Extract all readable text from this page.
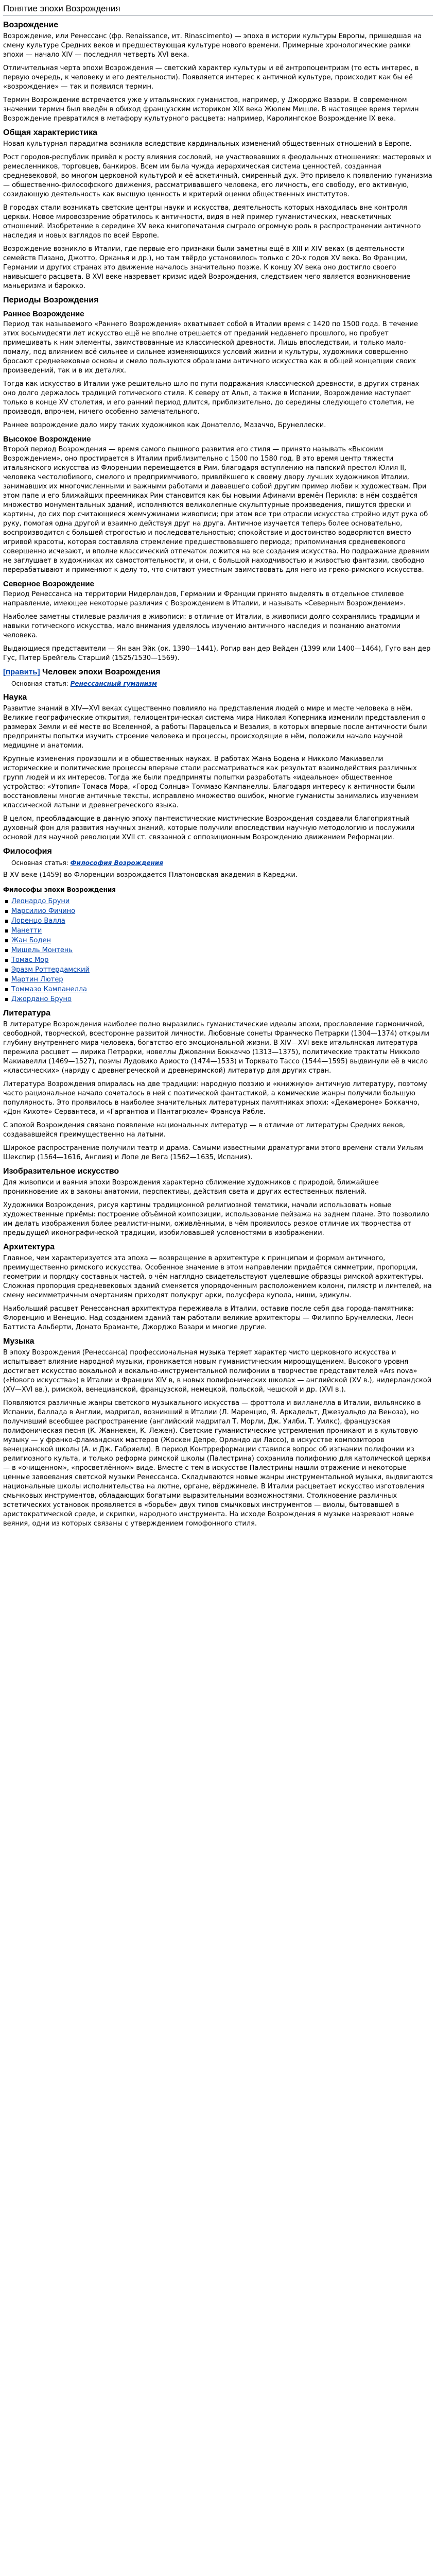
Понятие эпохи Возрождения
Возрождение

Возрождение, или Ренессанс (фр. Renaissance, ит. Rinascimento) — эпоха в истории культуры Европы, пришедшая на смену культуре Средних веков и предшествующая культуре нового времени. Примерные хронологические рамки эпохи — начало XIV — последняя четверть XVI века.

Отличительная черта эпохи Возрождения — светский характер культуры и её антропоцентризм (то есть интерес, в первую очередь, к человеку и его деятельности). Появляется интерес к античной культуре, происходит как бы её «возрождение» — так и появился термин.

Термин Возрождение встречается уже у итальянских гуманистов, например, у Джорджо Вазари. В современном значении термин был введён в обиход французским историком XIX века Жюлем Мишле. В настоящее время термин Возрождение превратился в метафору культурного расцвета: например, Каролингское Возрождение IX века.

Общая характеристика

Новая культурная парадигма возникла вследствие кардинальных изменений общественных отношений в Европе.

Рост городов-республик привёл к росту влияния сословий, не участвовавших в феодальных отношениях: мастеровых и ремесленников, торговцев, банкиров. Всем им была чужда иерархическая система ценностей, созданная средневековой, во многом церковной культурой и её аскетичный, смиренный дух. Это привело к появлению гуманизма — общественно-философского движения, рассматривавшего человека, его личность, его свободу, его активную, созидающую деятельность как высшую ценность и критерий оценки общественных институтов.

В городах стали возникать светские центры науки и искусства, деятельность которых находилась вне контроля церкви. Новое мировоззрение обратилось к античности, видя в ней пример гуманистических, неаскетичных отношений. Изобретение в середине XV века книгопечатания сыграло огромную роль в распространении античного наследия и новых взглядов по всей Европе.

Возрождение возникло в Италии, где первые его признаки были заметны ещё в XIII и XIV веках (в деятельности семейств Пизано, Джотто, Орканья и др.), но там твёрдо установилось только с 20-х годов XV века. Во Франции, Германии и других странах это движение началось значительно позже. К концу XV века оно достигло своего наивысшего расцвета. В XVI веке назревает кризис идей Возрождения, следствием чего является возникновение маньеризма и барокко.

Периоды Возрождения
Раннее Возрождение

Период так называемого «Раннего Возрождения» охватывает собой в Италии время с 1420 по 1500 года. В течение этих восьмидесяти лет искусство ещё не вполне отрешается от преданий недавнего прошлого, но пробует примешивать к ним элементы, заимствованные из классической древности. Лишь впоследствии, и только мало-помалу, под влиянием всё сильнее и сильнее изменяющихся условий жизни и культуры, художники совершенно бросают средневековые основы и смело пользуются образцами античного искусства как в общей концепции своих произведений, так и в их деталях.

Тогда как искусство в Италии уже решительно шло по пути подражания классической древности, в других странах оно долго держалось традиций готического стиля. К северу от Альп, а также в Испании, Возрождение наступает только в конце XV столетия, и его ранний период длится, приблизительно, до середины следующего столетия, не производя, впрочем, ничего особенно замечательного.

Раннее возрождение дало миру таких художников как Донателло, Мазаччо, Брунеллески.

Высокое Возрождение

Второй период Возрождения — время самого пышного развития его стиля — принято называть «Высоким Возрождением», оно простирается в Италии приблизительно с 1500 по 1580 год. В это время центр тяжести итальянского искусства из Флоренции перемещается в Рим, благодаря вступлению на папский престол Юлия II, человека честолюбивого, смелого и предприимчивого, привлёкшего к своему двору лучших художников Италии, занимавших их многочисленными и важными работами и дававшего собой другим пример любви к художествам. При этом папе и его ближайших преемниках Рим становится как бы новыми Афинами времён Перикла: в нём создаётся множество монументальных зданий, исполняются великолепные скульптурные произведения, пишутся фрески и картины, до сих пор считающиеся жемчужинами живописи; при этом все три отрасли искусства стройно идут рука об руку, помогая одна другой и взаимно действуя друг на друга. Античное изучается теперь более основательно, воспроизводится с большей строгостью и последовательностью; спокойствие и достоинство водворяются вместо игривой красоты, которая составляла стремление предшествовавшего периода; припоминания средневекового совершенно исчезают, и вполне классический отпечаток ложится на все создания искусства. Но подражание древним не заглушает в художниках их самостоятельности, и они, с большой находчивостью и живостью фантазии, свободно перерабатывают и применяют к делу то, что считают уместным заимствовать для него из греко-римского искусства.

Северное Возрождение

Период Ренессанса на территории Нидерландов, Германии и Франции принято выделять в отдельное стилевое направление, имеющее некоторые различия с Возрождением в Италии, и называть «Северным Возрождением».

Наиболее заметны стилевые различия в живописи: в отличие от Италии, в живописи долго сохранялись традиции и навыки готического искусства, мало внимания уделялось изучению античного наследия и познанию анатомии человека.

Выдающиеся представители — Ян ван Эйк (ок. 1390—1441), Рогир ван дер Вейден (1399 или 1400—1464), Гуго ван дер Гус, Питер Брейгель Старший (1525/1530—1569).

[править] Человек эпохи Возрождения
Основная статья: Ренессансный гуманизм
Наука

Развитие знаний в XIV—XVI веках существенно повлияло на представления людей о мире и месте человека в нём. Великие географические открытия, гелиоцентрическая система мира Николая Коперника изменили представления о размерах Земли и её месте во Вселенной, а работы Парацельса и Везалия, в которых впервые после античности были предприняты попытки изучить строение человека и процессы, происходящие в нём, положили начало научной медицине и анатомии.

Крупные изменения произошли и в общественных науках. В работах Жана Бодена и Никколо Макиавелли исторические и политические процессы впервые стали рассматриваться как результат взаимодействия различных групп людей и их интересов. Тогда же были предприняты попытки разработать «идеальное» общественное устройство: «Утопия» Томаса Мора, «Город Солнца» Томмазо Кампанеллы. Благодаря интересу к античности были восстановлены многие античные тексты, исправлено множество ошибок, многие гуманисты занимались изучением классической латыни и древнегреческого языка.

В целом, преобладающие в данную эпоху пантеистические мистические Возрождения создавали благоприятный духовный фон для развития научных знаний, которые получили впоследствии научную методологию и послужили основой для научной революции XVII ст. связанной с оппозиционным Возрождению движением Реформации.

Философия
Основная статья: Философия Возрождения

В XV веке (1459) во Флоренции возрождается Платоновская академия в Кареджи.

Философы эпохи Возрождения

Леонардо Бруни
Марсилио Фичино
Лоренцо Валла
Манетти
Жан Боден
Мишель Монтень
Томас Мор
Эразм Роттердамский
Мартин Лютер
Томмазо Кампанелла
Джордано Бруно
Литература

В литературе Возрождения наиболее полно выразились гуманистические идеалы эпохи, прославление гармоничной, свободной, творческой, всесторонне развитой личности. Любовные сонеты Франческо Петрарки (1304—1374) открыли глубину внутреннего мира человека, богатство его эмоциональной жизни. В XIV—XVI веке итальянская литература пережила расцвет — лирика Петрарки, новеллы Джованни Боккаччо (1313—1375), политические трактаты Никколо Макиавелли (1469—1527), поэмы Лудовико Ариосто (1474—1533) и Торквато Тассо (1544—1595) выдвинули её в число «классических» (наряду с древнегреческой и древнеримской) литератур для других стран.

Литература Возрождения опиралась на две традиции: народную поэзию и «книжную» античную литературу, поэтому часто рациональное начало сочеталось в ней с поэтической фантастикой, а комические жанры получили большую популярность. Это проявилось в наиболее значительных литературных памятниках эпохи: «Декамероне» Боккаччо, «Дон Кихоте» Сервантеса, и «Гаргантюа и Пантагрюэле» Франсуа Рабле.

С эпохой Возрождения связано появление национальных литератур — в отличие от литературы Средних веков, создававшейся преимущественно на латыни.

Широкое распространение получили театр и драма. Самыми известными драматургами этого времени стали Уильям Шекспир (1564—1616, Англия) и Лопе де Вега (1562—1635, Испания).

Изобразительное искусство

Для живописи и ваяния эпохи Возрождения характерно сближение художников с природой, ближайшее проникновение их в законы анатомии, перспективы, действия света и других естественных явлений.

Художники Возрождения, рисуя картины традиционной религиозной тематики, начали использовать новые художественные приёмы: построение объёмной композиции, использование пейзажа на заднем плане. Это позволило им делать изображения более реалистичными, оживлёнными, в чём проявилось резкое отличие их творчества от предыдущей иконографической традиции, изобиловавшей условностями в изображении.

Архитектура

Главное, чем характеризуется эта эпоха — возвращение в архитектуре к принципам и формам античного, преимущественно римского искусства. Особенное значение в этом направлении придаётся симметрии, пропорции, геометрии и порядку составных частей, о чём наглядно свидетельствуют уцелевшие образцы римской архитектуры. Сложная пропорция средневековых зданий сменяется упорядоченным расположением колонн, пилястр и линтелей, на смену несимметричным очертаниям приходят полукруг арки, полусфера купола, ниши, эдикулы.

Наибольший расцвет Ренессансная архитектура переживала в Италии, оставив после себя два города-памятника: Флоренцию и Венецию. Над созданием зданий там работали великие архитекторы — Филиппо Брунеллески, Леон Баттиста Альберти, Донато Браманте, Джорджо Вазари и многие другие.

Музыка

В эпоху Возрождения (Ренессанса) профессиональная музыка теряет характер чисто церковного искусства и испытывает влияние народной музыки, проникается новым гуманистическим мироощущением. Высокого уровня достигает искусство вокальной и вокально-инструментальной полифонии в творчестве представителей «Ars nova» («Нового искусства») в Италии и Франции XIV в, в новых полифонических школах — английской (XV в.), нидерландской (XV—XVI вв.), римской, венецианской, французской, немецкой, польской, чешской и др. (XVI в.).

Появляются различные жанры светского музыкального искусства — фроттола и вилланелла в Италии, вильянсико в Испании, баллада в Англии, мадригал, возникший в Италии (Л. Маренцио, Я. Аркадельт, Джезуальдо да Веноза), но получивший всеобщее распространение (английский мадригал Т. Морли, Дж. Уилби, Т. Уилкс), французская полифоническая песня (К. Жаннекен, К. Лежен). Светские гуманистические устремления проникают и в культовую музыку — у франко-фламандских мастеров (Жоскен Депре, Орландо ди Лассо), в искусстве композиторов венецианской школы (А. и Дж. Габриели). В период Контрреформации ставился вопрос об изгнании полифонии из религиозного культа, и только реформа римской школы (Палестрина) сохранила полифонию для католической церкви — в «очищенном», «просветлённом» виде. Вместе с тем в искусстве Палестрины нашли отражение и некоторые ценные завоевания светской музыки Ренессанса. Складываются новые жанры инструментальной музыки, выдвигаются национальные школы исполнительства на лютне, органе, вёрджинеле. В Италии расцветает искусство изготовления смычковых инструментов, обладающих богатыми выразительными возможностями. Столкновение различных эстетических установок проявляется в «борьбе» двух типов смычковых инструментов — виолы, бытовавшей в аристократической среде, и скрипки, народного инструмента. На исходе Возрождения в музыке назревают новые веяния, одни из которых связаны с утверждением гомофонного стиля.
